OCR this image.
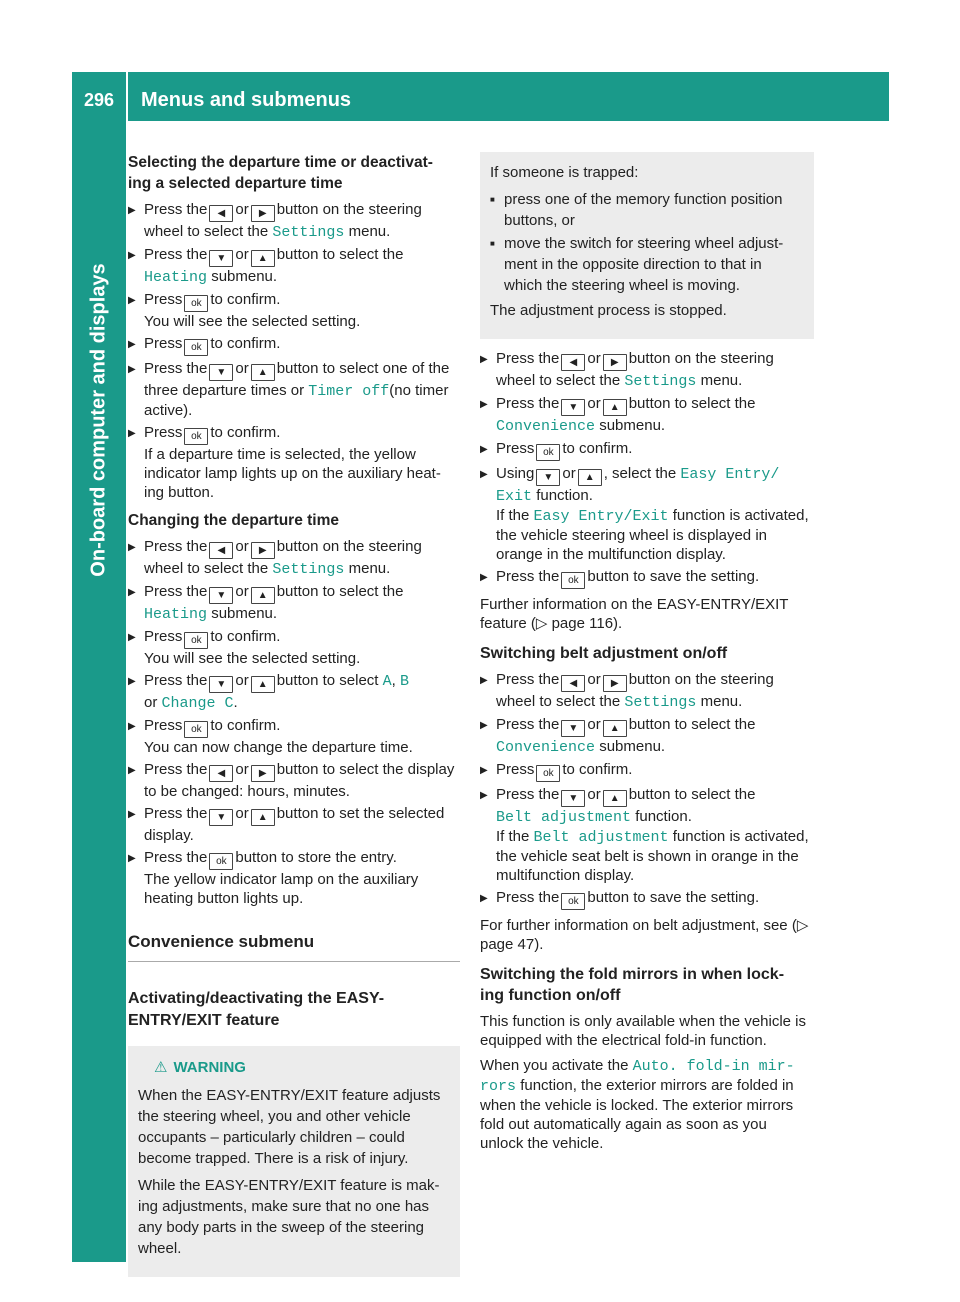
296	Menus and submenus
On-board computer and displays
Selecting the departure time or deactivat-
ing a selected departure time
▶ Press the ◀ or ▶ button on the steering wheel to select the Settings menu.
▶ Press the ▼ or ▲ button to select the
Heating submenu.
▶ Press ok to confirm.
You will see the selected setting.
▶ Press ok to confirm.
▶ Press the ▼ or ▲ button to select one of the three departure times or Timer off(no timer active).
▶ Press ok to confirm.
If a departure time is selected, the yellow indicator lamp lights up on the auxiliary heat-ing button.
Changing the departure time
▶ Press the ◀ or ▶ button on the steering wheel to select the Settings menu.
▶ Press the ▼ or ▲ button to select the
Heating submenu.
▶ Press ok to confirm.
You will see the selected setting.
▶ Press the ▼ or ▲ button to select A, B
or Change C.
▶ Press ok to confirm.
You can now change the departure time.
▶ Press the ◀ or ▶ button to select the display to be changed: hours, minutes.
▶ Press the ▼ or ▲ button to set the selected display.
▶ Press the ok button to store the entry.
The yellow indicator lamp on the auxiliary heating button lights up.
Convenience submenu
Activating/deactivating the EASY-
ENTRY/EXIT feature
⚠ WARNING

When the EASY-ENTRY/EXIT feature adjusts the steering wheel, you and other vehicle occupants – particularly children – could become trapped. There is a risk of injury.

While the EASY-ENTRY/EXIT feature is mak-ing adjustments, make sure that no one has any body parts in the sweep of the steering wheel.

If someone is trapped:

■ press one of the memory function position buttons, or
■ move the switch for steering wheel adjust-ment in the opposite direction to that in which the steering wheel is moving.

The adjustment process is stopped.

▶ Press the ◀ or ▶ button on the steering wheel to select the Settings menu.
▶ Press the ▼ or ▲ button to select the
Convenience submenu.
▶ Press ok to confirm.
▶ Using ▼ or ▲ , select the Easy Entry/ Exit function.
If the Easy Entry/Exit function is activated, the vehicle steering wheel is displayed in orange in the multifunction display.
▶ Press the ok button to save the setting.

Further information on the EASY-ENTRY/EXIT feature (▷ page 116).

Switching belt adjustment on/off
▶ Press the ◀ or ▶ button on the steering wheel to select the Settings menu.
▶ Press the ▼ or ▲ button to select the
Convenience submenu.
▶ Press ok to confirm.
▶ Press the ▼ or ▲ button to select the
Belt adjustment function.
If the Belt adjustment function is activated, the vehicle seat belt is shown in orange in the multifunction display.
▶ Press the ok button to save the setting.

For further information on belt adjustment, see (▷ page 47).

Switching the fold mirrors in when lock-
ing function on/off

This function is only available when the vehicle is equipped with the electrical fold-in function.

When you activate the Auto. fold-in mir- rors function, the exterior mirrors are folded in when the vehicle is locked. The exterior mirrors fold out automatically again as soon as you unlock the vehicle.
